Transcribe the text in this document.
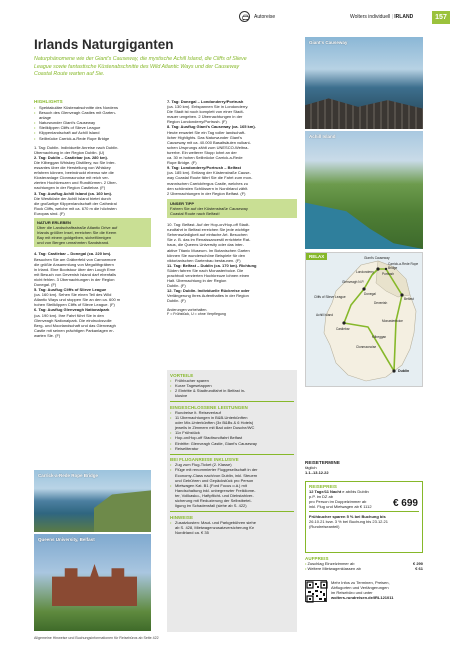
Autoreise	Wolters individuell | IRLAND	157
Irlands Naturgiganten
Naturphänomene wie der Giant's Causeway, die mystische Achill Island, die Cliffs of Slieve
League sowie fantastische Küstenabschnitte des Wild Atlantic Ways und der Causeway
Coastal Route warten auf Sie.
HIGHLIGHTS
• Spektakuläre Küstenabschnitte des Nordens
• Besuch des Glenveagh Castles mit Garten-
anlage
• Naturwunder Giant's Causeway
• Steilklippen Cliffs of Slieve League
• Klippenlandschaft auf Achill Island
• Seilbrücke Carrick-a-Rede Rope Bridge
1. Tag: Dublin. Individuelle Anreise nach Dublin.
Übernachtung in der Region Dublin. (U)
2. Tag: Dublin – Castlebar (ca. 280 km).
Die Kilbeggan Whiskey Distillery, wo Sie Inter-
essantes über die Herstellung von Whiskey
erfahren können, beeindruckt ebenso wie die
Klosteranlage Clonmacnoise mit reich ver-
zierten Hochkreuzen und Rundtürmen. 2 Über-
nachtungen in der Region Castlebar. (F)
3. Tag: Ausflug Achill Island (ca. 160 km).
Die Westküste der Achill Island bietet durch
die großartige Klippenlandschaft der Cathedral
Rock Cliffs, welche mit ca. 670 m die höchsten
Europas sind. (F)
NATUR ERLEBEN
Über die Landschaftsstraße Atlantic Drive auf
Irlands größter Insel, erreichen Sie die Keem
Bay mit einem goldgelben, sichelförmigen
und von Bergen umrahmten Sandstrand.
4. Tag: Castlebar – Donegal (ca. 220 km).
Besuchen Sie am Gräberfeld von Carrowmore
die größte Ansammlung von Megalithgräbern
in Irland. Eine Bootstour über den Lough Erne
mit Besuch von Devenish Island darf ebenfalls
nicht fehlen. 3 Übernachtungen in der Region
Donegal. (F)
5. Tag: Ausflug Cliffs of Slieve League
(ca. 160 km). Sehen Sie einen Teil des Wild
Atlantic Ways und stoppen Sie an den ca. 600 m
hohen Steilklippen Cliffs of Slieve League. (F)
6. Tag: Ausflug Glenveagh Nationalpark
(ca. 190 km). Ihre Fahrt führt Sie in den
Glenveagh Nationalpark. Die eindrucksvolle
Berg- und Moorlandschaft und das Glenveagh
Castle mit seinen prächtigen Parkanlagen er-
warten Sie. (F)
Carrick-a-Rede Rope Bridge
Queens University, Belfast
7. Tag: Donegal – Londonderry/Portrush
(ca. 130 km). Entspannen Sie in Londonderry.
Die Stadt ist noch komplett von einer Stadt-
mauer umgeben. 2 Übernachtungen in der
Region Londonderry/Portrush. (F)
8. Tag: Ausflug Giant's Causeway (ca. 165 km).
Heute erwartet Sie ein Tag voller landschaft-
licher Highlights. Das Naturwunder Giant's
Causeway mit ca. 40.000 Basaltsäulen vulkani-
schen Ursprungs zählt zum UNESCO-Weltna-
turerbe. Ein weiterer Stopp lohnt an der
ca. 30 m hohen Seilbrücke Carrick-a-Rede
Rope Bridge. (F)
9. Tag: Londonderry/Portrush – Belfast
(ca. 185 km). Entlang der Küstenstraße Cause-
way Coastal Route fährt Sie die Fahrt zum mon-
mannischen Carrickfergus Castle, welches zu
den schönsten Schlössern in Nordirland zählt.
2 Übernachtungen in der Region Belfast. (F)
UNSER TIPP
Fahren Sie auf der Küstenstraße Causeway
Coastal Route nach Belfast!
10. Tag: Belfast. Auf der Hop-on/Hop-off Stadt-
rundfahrt in Belfast erreichen Sie jede wichtige
Sehenswürdigkeit auf einfache Art. Besuchen
Sie z. B. das im Renaissancestil errichtete Rat-
haus, die Queens University oder das inter-
aktive Titanic Museum. Im Botanischen Garten
können Sie wunderschöne Beispiele für den
viktorianischen Gartenbau bestaunen. (F)
11. Tag: Belfast – Dublin (ca. 170 km). Richtung
Süden fahren Sie nach Monasterboice. Die
prachtvoll verzierten Hochkreuze lohnen einen
Halt. Übernachtung in der Region
Dublin. (F)
12. Tag: Dublin. Individuelle Rückreise oder
Verlängerung Ihres Aufenthaltes in der Region
Dublin. (F)
Änderungen vorbehalten.
F = Frühstück, U = ohne Verpflegung
VORTEILE
• Frühbucher sparen
• Kurze Tagesetappen
• 2 Eintritte & Stadtrundfahrt in Belfast in-
klusive
EINGESCHLOSSENE LEISTUNGEN
• Rundreise lt. Reiseverlauf
• 11 Übernachtungen in B&B-Unterkünften
oder Mix-Unterkünften (3x B&Bs & 6 Hotels)
jeweils in Zimmern mit Bad oder Dusche/WC
• 11x Frühstück
• Hop-on/Hop-off Stadtrundfahrt Belfast
• Eintritte: Glenveagh Castle, Giant's Causeway
• Reiseliteratur
BEI FLUGANREISE INKLUSIVE
• Zug zum Flug-Ticket (2. Klasse)
• Flüge mit renommierter Fluggesellschaft in der
Economy-Class nach/von Dublin, inkl. Steuern
und Gebühren und Gepäckstück pro Person
• Mietwagen Kat. B1 (Ford Focus o.ä.) mit
Handschaltung inkl. unbegrenzter Freikilome-
ter, Vollkasko-, Haftpflicht- und Diebstahlver-
sicherung mit Reduzierung der Selbstbetei-
ligung im Schadensfall (siehe ab S. 422)
HINWEISE
• Zusatzkosten: Maut- und Parkgebühren siehe
ab S. 428, Mietwagenzusatzversicherung für
Nordirland ca. € 35
Giant's Causeway
Achill Island
RELAX	Giant's Causeway
Carrick-a-Rede Rope Bridge
Portrush
Londonderry
Glenveagh N.P.
Donegal
Cliffs of Slieve League	Belfast
Achill Island
Castlebar
Kilbeggan
Dublin
Monasterboice
Clonmacnoise
Devenish
REISETERMINE
täglich
1.1.-13.12.22
REISEPREIS
12 Tage/11 Nacht e ab/bis Dublin
p.P. im DZ ab
€ 699
pro Person im Doppelzimmer ab
inkl. Flug und Mietwagen ab € 1112
Frühbucher sparen 5 % bei Buchung bis
26.10.21 bzw. 3 % bei Buchung bis 23.12.21
(Rundreiseanteil)
AUFPREIS
• Zuschlag Einzelzimmer ab	€ 290
• Weitere Mietwagenklassen ab	€ 61
Mehr Infos zu Terminen, Preisen,
Abflugorten und Verlängerungen
im Reisebüro und unter
wolters-rundreisen.de/IRL121011
Allgemeine Hinweise und Buchungsinformationen für Reisebüros ab Seite 422
